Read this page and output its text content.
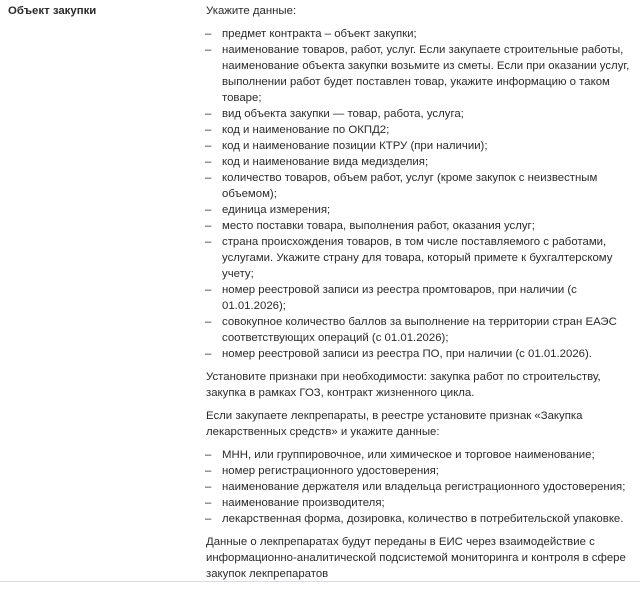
Объект закупки	Укажите данные:

– предмет контракта – объект закупки;
– наименование товаров, работ, услуг. Если закупаете строительные работы, наименование объекта закупки возьмите из сметы. Если при оказании услуг, выполнении работ будет поставлен товар, укажите информацию о таком товаре;
– вид объекта закупки — товар, работа, услуга;
– код и наименование по ОКПД2;
– код и наименование позиции КТРУ (при наличии);
– код и наименование вида медизделия;
– количество товаров, объем работ, услуг (кроме закупок с неизвестным объемом);
– единица измерения;
– место поставки товара, выполнения работ, оказания услуг;
– страна происхождения товаров, в том числе поставляемого с работами, услугами. Укажите страну для товара, который примете к бухгалтерскому учету;
– номер реестровой записи из реестра промтоваров, при наличии (с 01.01.2026);
– совокупное количество баллов за выполнение на территории стран ЕАЭС соответствующих операций (с 01.01.2026);
– номер реестровой записи из реестра ПО, при наличии (с 01.01.2026).

Установите признаки при необходимости: закупка работ по строительству, закупка в рамках ГОЗ, контракт жизненного цикла.

Если закупаете лекпрепараты, в реестре установите признак «Закупка лекарственных средств» и укажите данные:

– МНН, или группировочное, или химическое и торговое наименование;
– номер регистрационного удостоверения;
– наименование держателя или владельца регистрационного удостоверения;
– наименование производителя;
– лекарственная форма, дозировка, количество в потребительской упаковке.

Данные о лекпрепаратах будут переданы в ЕИС через взаимодействие с информационно-аналитической подсистемой мониторинга и контроля в сфере закупок лекпрепаратов
